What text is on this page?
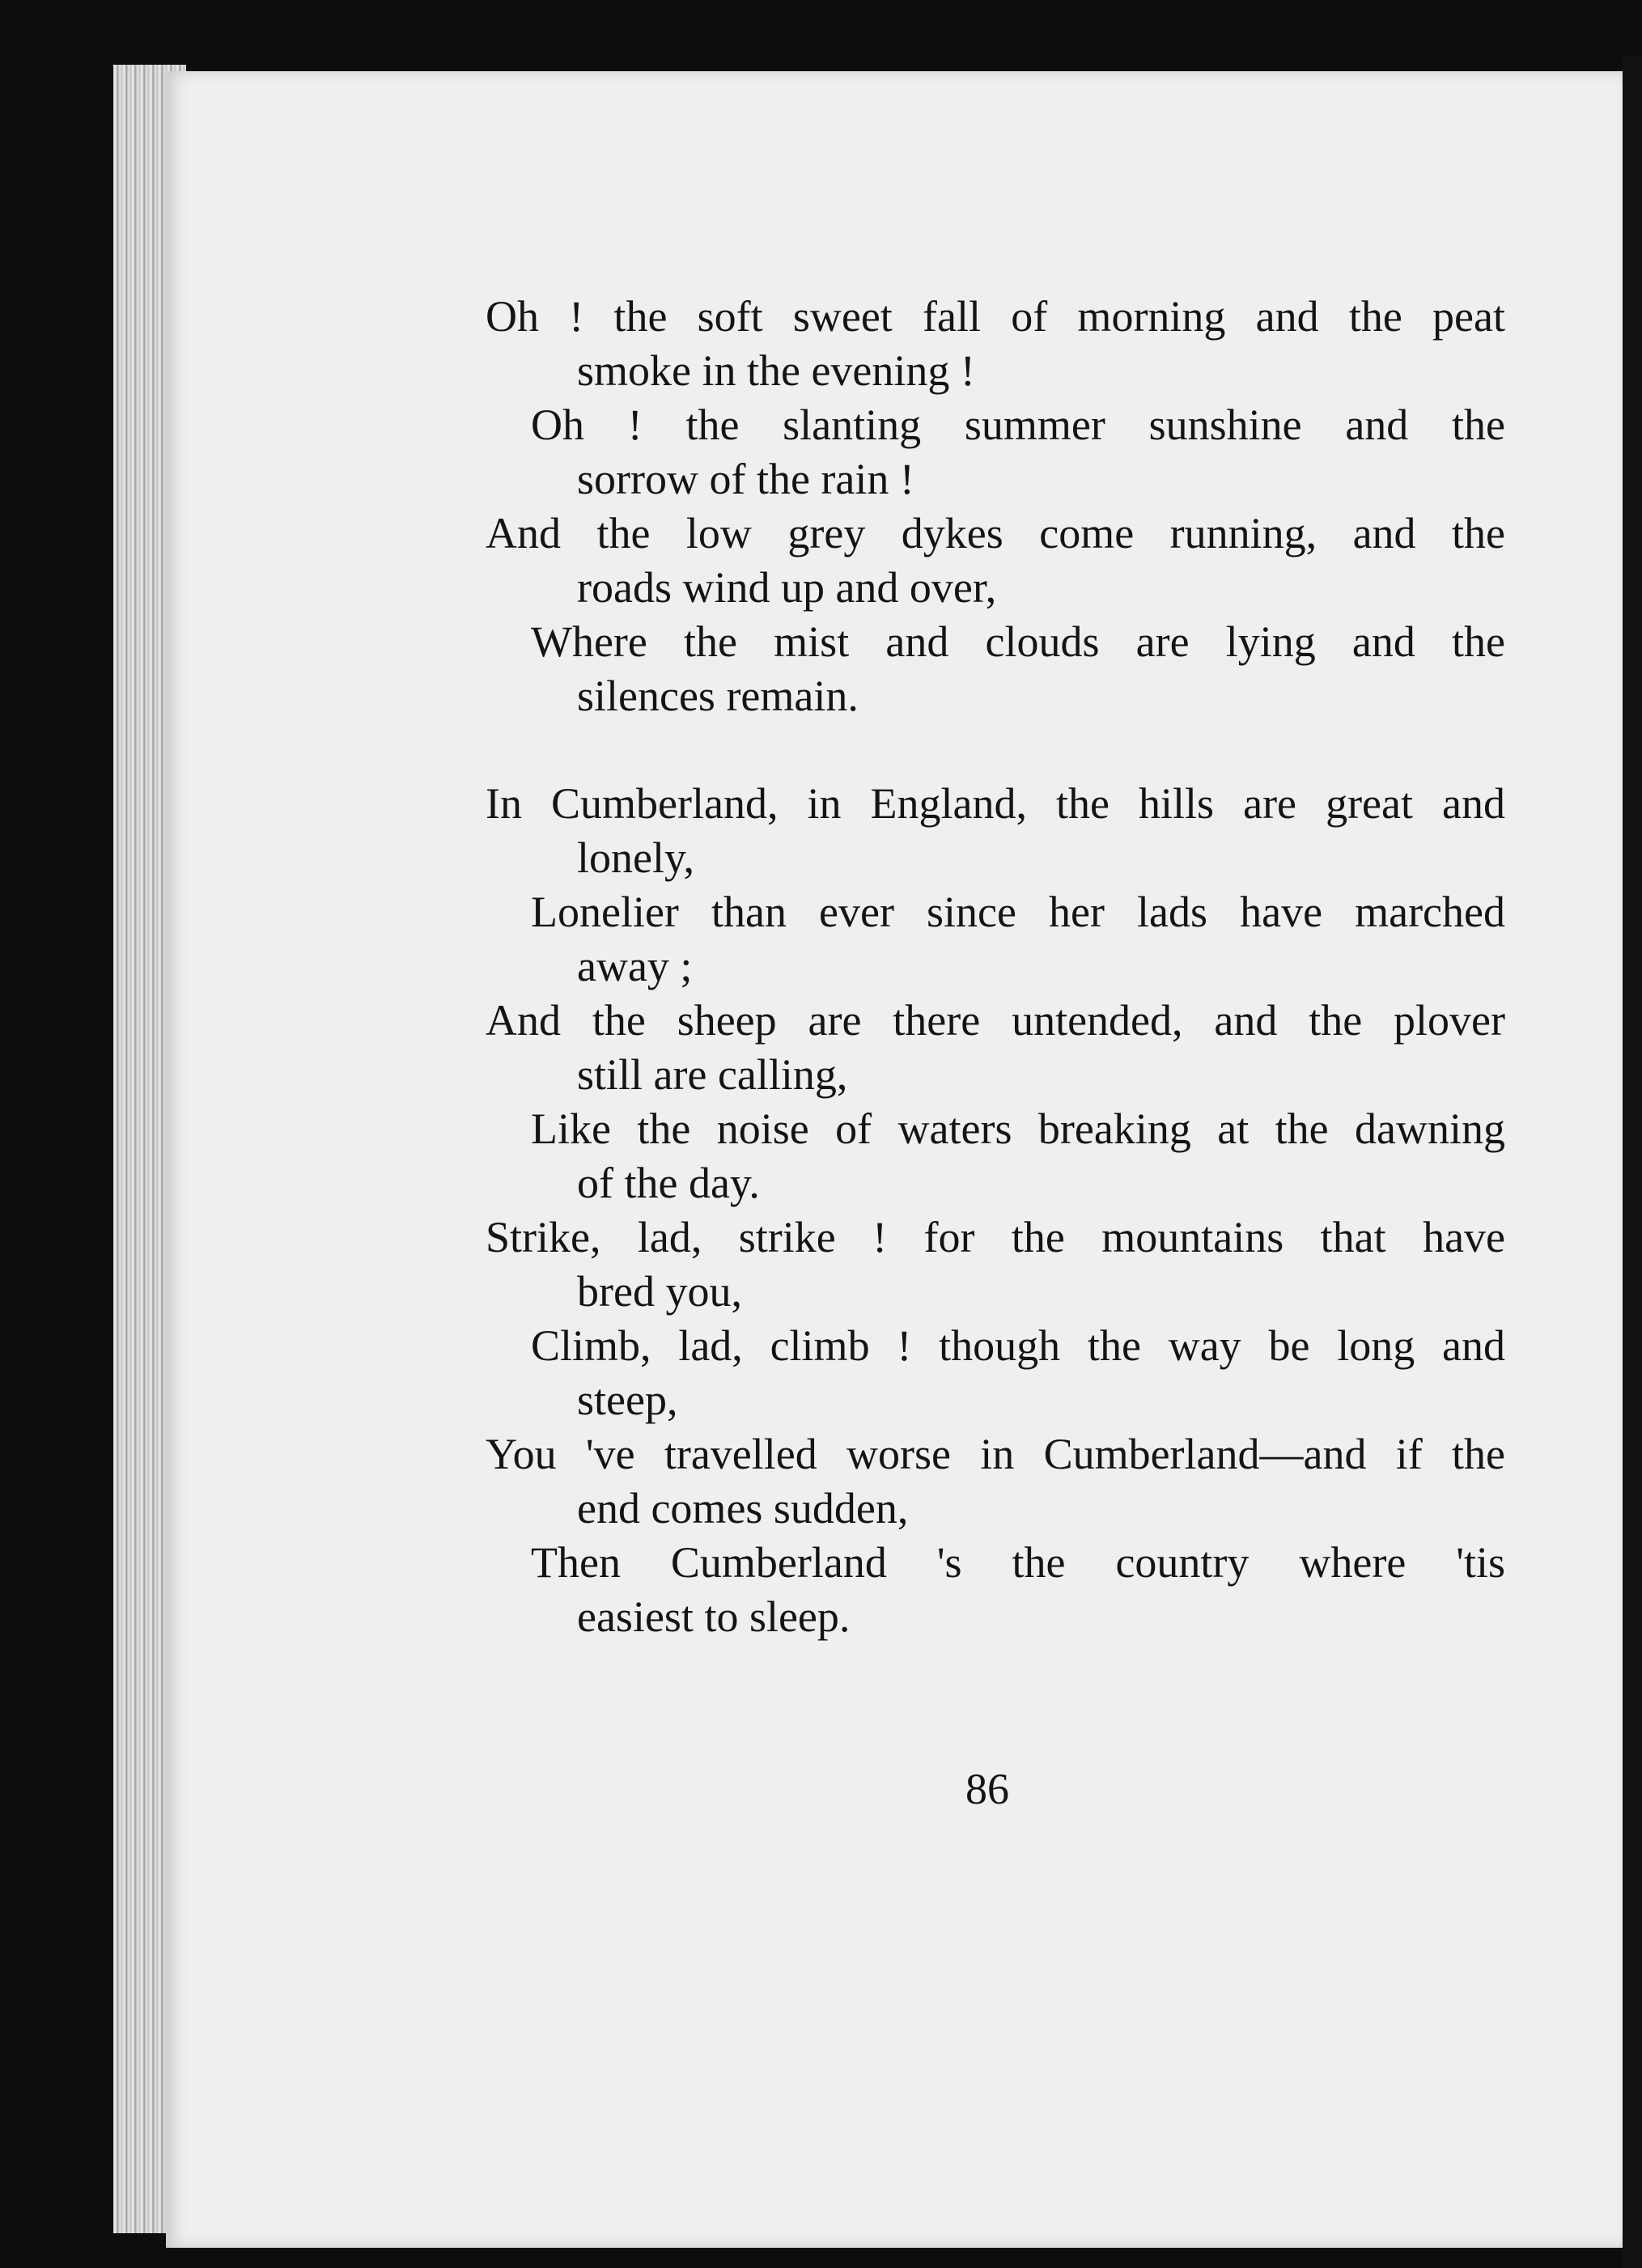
Oh ! the soft sweet fall of morning and the peat
smoke in the evening !
Oh ! the slanting summer sunshine and the
sorrow of the rain !
And the low grey dykes come running, and the
roads wind up and over,
Where the mist and clouds are lying and the
silences remain.
In Cumberland, in England, the hills are great and
lonely,
Lonelier than ever since her lads have marched
away ;
And the sheep are there untended, and the plover
still are calling,
Like the noise of waters breaking at the dawning
of the day.
Strike, lad, strike ! for the mountains that have
bred you,
Climb, lad, climb ! though the way be long and
steep,
You 've travelled worse in Cumberland—and if the
end comes sudden,
Then Cumberland 's the country where 'tis
easiest to sleep.
86
